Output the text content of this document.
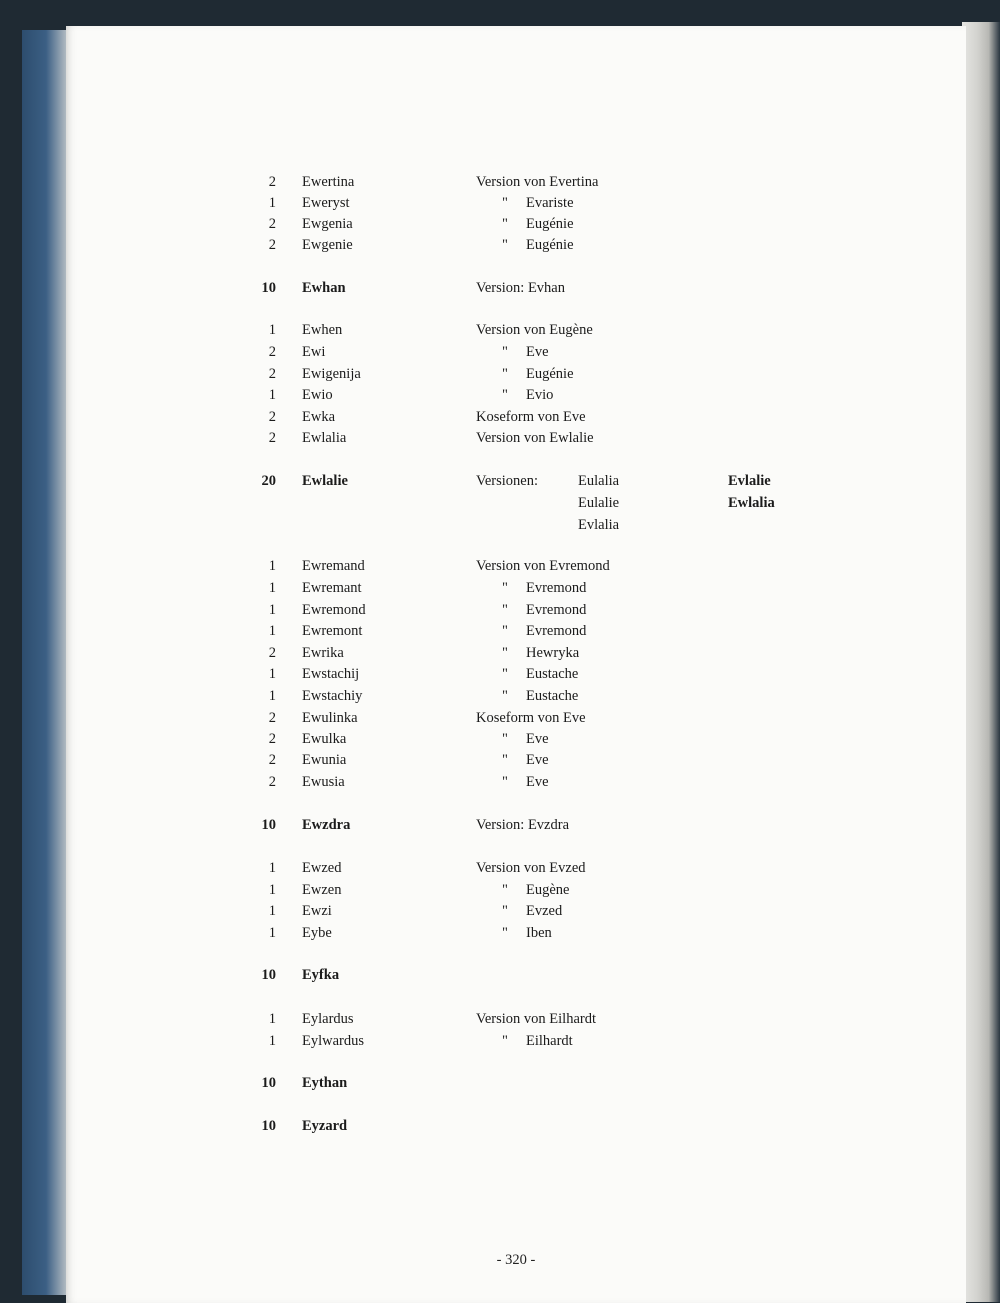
2 Ewertina	Version von Evertina
1 Eweryst	" Evariste
2 Ewgenia	" Eugénie
2 Ewgenie	" Eugénie
10 Ewhan	Version: Evhan
1 Ewhen	Version von Eugène
2 Ewi	" Eve
2 Ewigenija	" Eugénie
1 Ewio	" Evio
2 Ewka	Koseform von Eve
2 Ewlalia	Version von Ewlalie
20 Ewlalie	Versionen:	Eulalia	Evlalie
Eulalie	Ewlalia
Evlalia
1 Ewremand	Version von Evremond
1 Ewremant	" Evremond
1 Ewremond	" Evremond
1 Ewremont	" Evremond
2 Ewrika	" Hewryka
1 Ewstachij	" Eustache
1 Ewstachiy	" Eustache
2 Ewulinka	Koseform von Eve
2 Ewulka	" Eve
2 Ewunia	" Eve
2 Ewusia	" Eve
10 Ewzdra	Version: Evzdra
1 Ewzed	Version von Evzed
1 Ewzen	" Eugène
1 Ewzi	" Evzed
1 Eybe	" Iben
10 Eyfka
1 Eylardus	Version von Eilhardt
1 Eylwardus	" Eilhardt
10 Eythan
10 Eyzard
- 320 -
